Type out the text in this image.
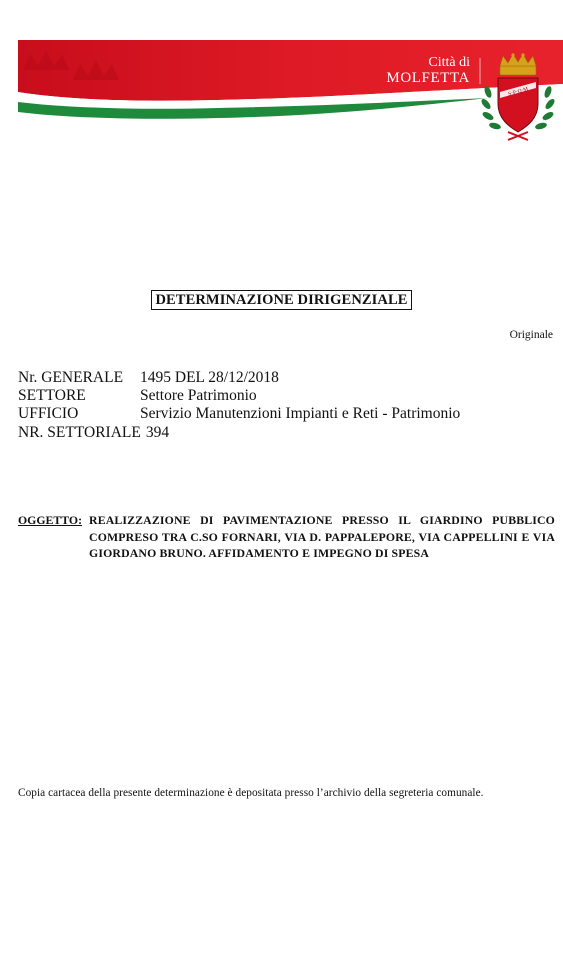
Città di
MOLFETTA
S·P·Q·M
DETERMINAZIONE DIRIGENZIALE
Originale
Nr. GENERALE	1495 DEL 28/12/2018
SETTORE	Settore Patrimonio
UFFICIO	Servizio Manutenzioni Impianti e Reti - Patrimonio
NR. SETTORIALE 394
OGGETTO: REALIZZAZIONE DI PAVIMENTAZIONE PRESSO IL GIARDINO PUBBLICO COMPRESO TRA C.SO FORNARI, VIA D. PAPPALEPORE, VIA CAPPELLINI E VIA GIORDANO BRUNO. AFFIDAMENTO E IMPEGNO DI SPESA
Copia cartacea della presente determinazione è depositata presso l’archivio della segreteria comunale.
